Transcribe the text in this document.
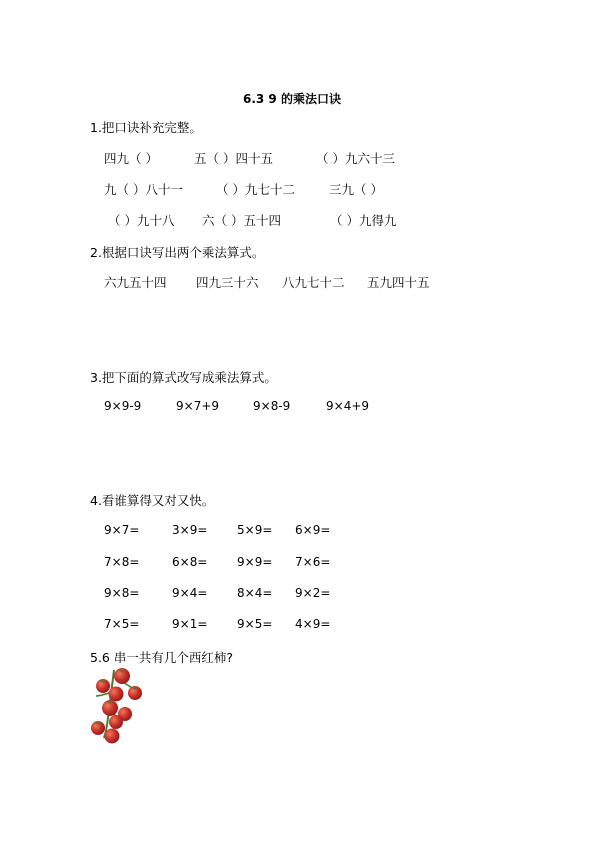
6.3 9 的乘法口诀
1.把口诀补充完整。
四九（ ）	五（ ）四十五	（ ）九六十三
九（ ）八十一	（ ）九七十二	三九（ ）
（ ）九十八 六（ ）五十四	（ ）九得九
2.根据口诀写出两个乘法算式。
六九五十四 四九三十六 八九七十二 五九四十五
3.把下面的算式改写成乘法算式。
9×9-9	9×7+9	9×8-9	9×4+9
4.看谁算得又对又快。
9×7=	3×9= 5×9= 6×9=
7×8=	6×8= 9×9= 7×6=
9×8=	9×4= 8×4= 9×2=
7×5=	9×1= 9×5= 4×9=
5.6 串一共有几个西红柿?
